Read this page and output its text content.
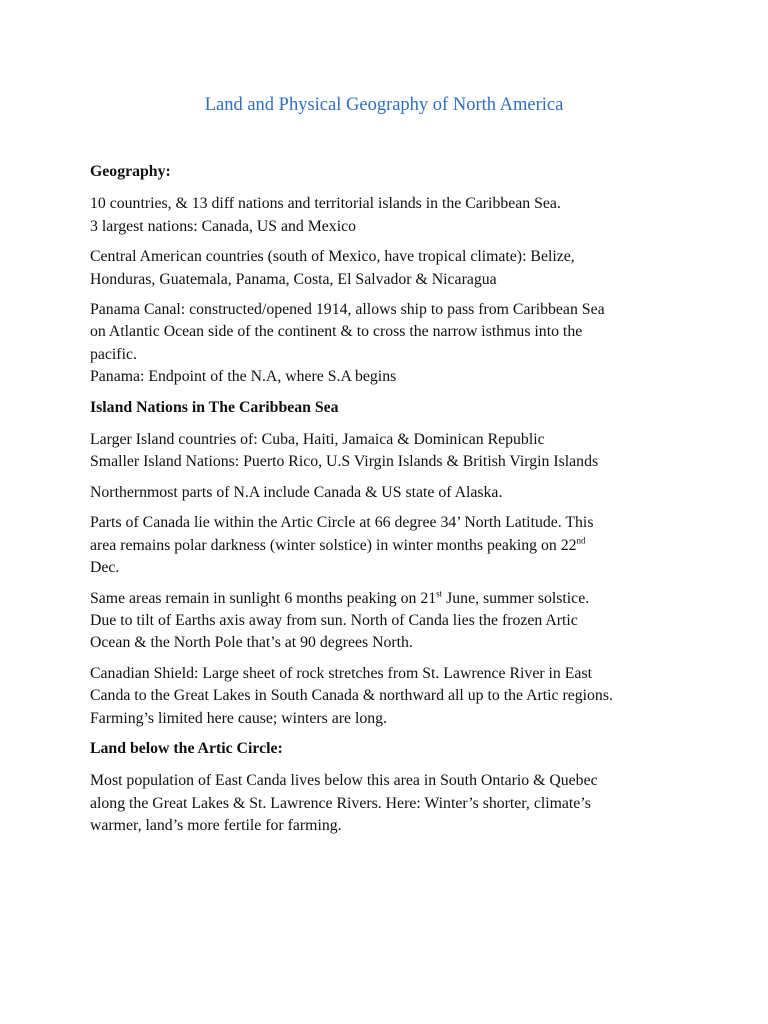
Land and Physical Geography of North America

Geography:

10 countries, & 13 diff nations and territorial islands in the Caribbean Sea.
3 largest nations: Canada, US and Mexico

Central American countries (south of Mexico, have tropical climate): Belize,
Honduras, Guatemala, Panama, Costa, El Salvador & Nicaragua

Panama Canal: constructed/opened 1914, allows ship to pass from Caribbean Sea
on Atlantic Ocean side of the continent & to cross the narrow isthmus into the
pacific.
Panama: Endpoint of the N.A, where S.A begins

Island Nations in The Caribbean Sea

Larger Island countries of: Cuba, Haiti, Jamaica & Dominican Republic
Smaller Island Nations: Puerto Rico, U.S Virgin Islands & British Virgin Islands

Northernmost parts of N.A include Canada & US state of Alaska.

Parts of Canada lie within the Artic Circle at 66 degree 34’ North Latitude. This
area remains polar darkness (winter solstice) in winter months peaking on 22nd
Dec.

Same areas remain in sunlight 6 months peaking on 21st June, summer solstice.
Due to tilt of Earths axis away from sun. North of Canda lies the frozen Artic
Ocean & the North Pole that’s at 90 degrees North.

Canadian Shield: Large sheet of rock stretches from St. Lawrence River in East
Canda to the Great Lakes in South Canada & northward all up to the Artic regions.
Farming’s limited here cause; winters are long.

Land below the Artic Circle:

Most population of East Canda lives below this area in South Ontario & Quebec
along the Great Lakes & St. Lawrence Rivers. Here: Winter’s shorter, climate’s
warmer, land’s more fertile for farming.
